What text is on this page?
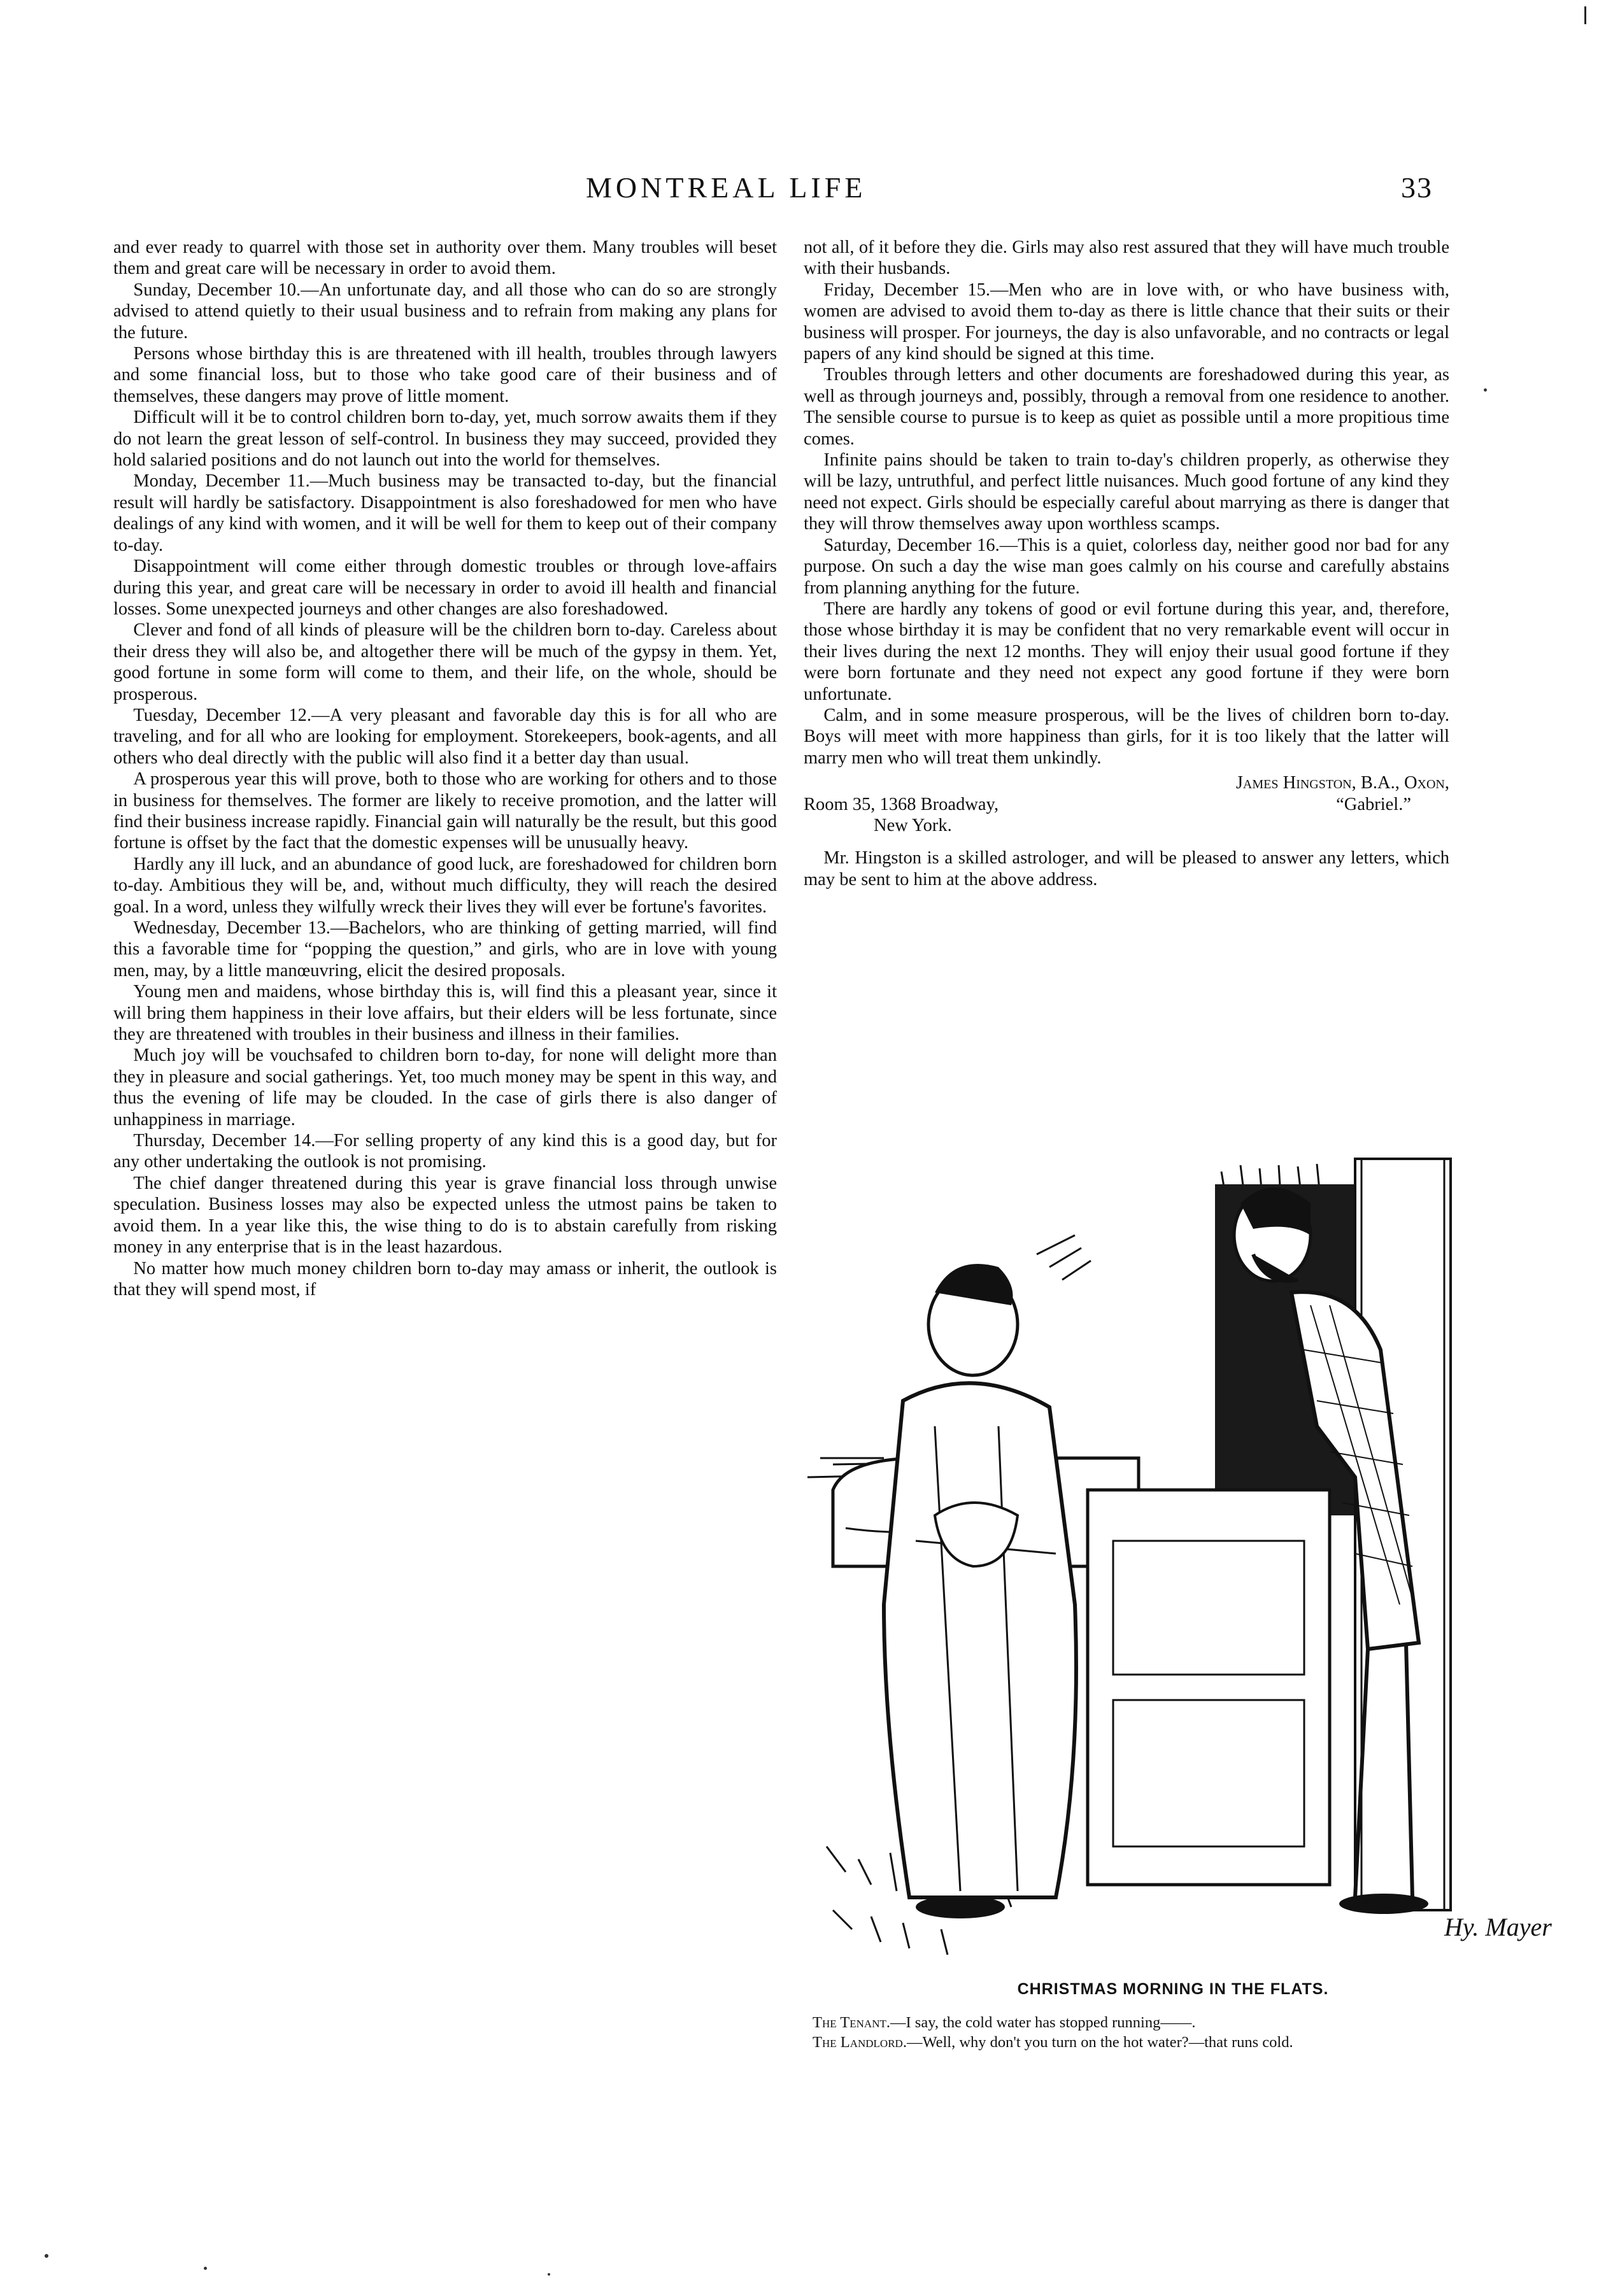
MONTREAL LIFE	33

and ever ready to quarrel with those set in authority over them. Many troubles will beset them and great care will be necessary in order to avoid them.

Sunday, December 10.—An unfortunate day, and all those who can do so are strongly advised to attend quietly to their usual business and to refrain from making any plans for the future.

Persons whose birthday this is are threatened with ill health, troubles through lawyers and some financial loss, but to those who take good care of their business and of themselves, these dangers may prove of little moment.

Difficult will it be to control children born to-day, yet, much sorrow awaits them if they do not learn the great lesson of self-control. In business they may succeed, provided they hold salaried positions and do not launch out into the world for themselves.

Monday, December 11.—Much business may be transacted to-day, but the financial result will hardly be satisfactory. Disappointment is also foreshadowed for men who have dealings of any kind with women, and it will be well for them to keep out of their company to-day.

Disappointment will come either through domestic troubles or through love-affairs during this year, and great care will be necessary in order to avoid ill health and financial losses. Some unexpected journeys and other changes are also foreshadowed.

Clever and fond of all kinds of pleasure will be the children born to-day. Careless about their dress they will also be, and altogether there will be much of the gypsy in them. Yet, good fortune in some form will come to them, and their life, on the whole, should be prosperous.

Tuesday, December 12.—A very pleasant and favorable day this is for all who are traveling, and for all who are looking for employment. Storekeepers, book-agents, and all others who deal directly with the public will also find it a better day than usual.

A prosperous year this will prove, both to those who are working for others and to those in business for themselves. The former are likely to receive promotion, and the latter will find their business increase rapidly. Financial gain will naturally be the result, but this good fortune is offset by the fact that the domestic expenses will be unusually heavy.

Hardly any ill luck, and an abundance of good luck, are foreshadowed for children born to-day. Ambitious they will be, and, without much difficulty, they will reach the desired goal. In a word, unless they wilfully wreck their lives they will ever be fortune's favorites.

Wednesday, December 13.—Bachelors, who are thinking of getting married, will find this a favorable time for “popping the question,” and girls, who are in love with young men, may, by a little manœuvring, elicit the desired proposals.

Young men and maidens, whose birthday this is, will find this a pleasant year, since it will bring them happiness in their love affairs, but their elders will be less fortunate, since they are threatened with troubles in their business and illness in their families.

Much joy will be vouchsafed to children born to-day, for none will delight more than they in pleasure and social gatherings. Yet, too much money may be spent in this way, and thus the evening of life may be clouded. In the case of girls there is also danger of unhappiness in marriage.

Thursday, December 14.—For selling property of any kind this is a good day, but for any other undertaking the outlook is not promising.

The chief danger threatened during this year is grave financial loss through unwise speculation. Business losses may also be expected unless the utmost pains be taken to avoid them. In a year like this, the wise thing to do is to abstain carefully from risking money in any enterprise that is in the least hazardous.

No matter how much money children born to-day may amass or inherit, the outlook is that they will spend most, if

not all, of it before they die. Girls may also rest assured that they will have much trouble with their husbands.

Friday, December 15.—Men who are in love with, or who have business with, women are advised to avoid them to-day as there is little chance that their suits or their business will prosper. For journeys, the day is also unfavorable, and no contracts or legal papers of any kind should be signed at this time.

Troubles through letters and other documents are foreshadowed during this year, as well as through journeys and, possibly, through a removal from one residence to another. The sensible course to pursue is to keep as quiet as possible until a more propitious time comes.

Infinite pains should be taken to train to-day's children properly, as otherwise they will be lazy, untruthful, and perfect little nuisances. Much good fortune of any kind they need not expect. Girls should be especially careful about marrying as there is danger that they will throw themselves away upon worthless scamps.

Saturday, December 16.—This is a quiet, colorless day, neither good nor bad for any purpose. On such a day the wise man goes calmly on his course and carefully abstains from planning anything for the future.

There are hardly any tokens of good or evil fortune during this year, and, therefore, those whose birthday it is may be confident that no very remarkable event will occur in their lives during the next 12 months. They will enjoy their usual good fortune if they were born fortunate and they need not expect any good fortune if they were born unfortunate.

Calm, and in some measure prosperous, will be the lives of children born to-day. Boys will meet with more happiness than girls, for it is too likely that the latter will marry men who will treat them unkindly.

James Hingston, B.A., Oxon,
Room 35, 1368 Broadway,	“Gabriel.”
New York.

Mr. Hingston is a skilled astrologer, and will be pleased to answer any letters, which may be sent to him at the above address.

Hy. Mayer
CHRISTMAS MORNING IN THE FLATS.
The Tenant.—I say, the cold water has stopped running——.
The Landlord.—Well, why don't you turn on the hot water?—that runs cold.
